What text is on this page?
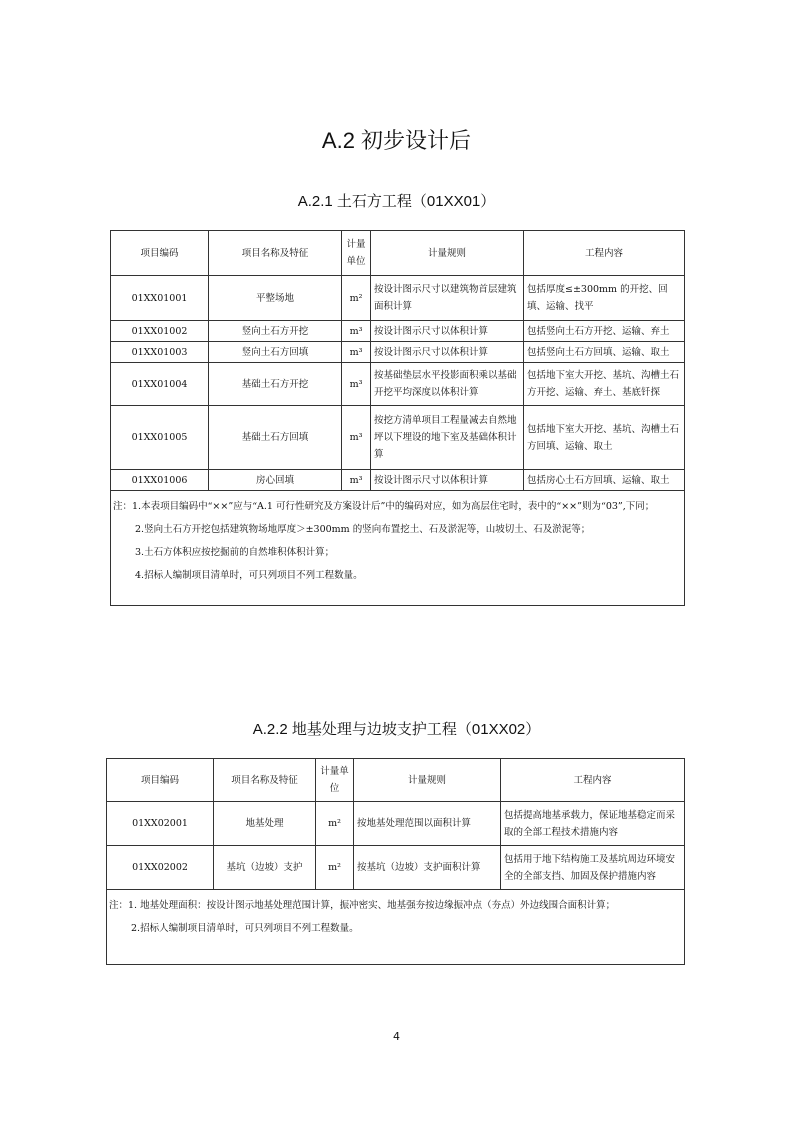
A.2 初步设计后
A.2.1 土石方工程（01XX01）
项目编码	项目名称及特征	计量单位	计量规则	工程内容
01XX01001	平整场地	m²	按设计图示尺寸以建筑物首层建筑面积计算	包括厚度≤±300mm 的开挖、回填、运输、找平
01XX01002	竖向土石方开挖	m³	按设计图示尺寸以体积计算	包括竖向土石方开挖、运输、弃土
01XX01003	竖向土石方回填	m³	按设计图示尺寸以体积计算	包括竖向土石方回填、运输、取土
01XX01004	基础土石方开挖	m³	按基础垫层水平投影面积乘以基础开挖平均深度以体积计算	包括地下室大开挖、基坑、沟槽土石方开挖、运输、弃土、基底钎探
01XX01005	基础土石方回填	m³	按挖方清单项目工程量减去自然地坪以下埋设的地下室及基础体积计算	包括地下室大开挖、基坑、沟槽土石方回填、运输、取土
01XX01006	房心回填	m³	按设计图示尺寸以体积计算	包括房心土石方回填、运输、取土

注：1.本表项目编码中“××”应与“A.1 可行性研究及方案设计后”中的编码对应，如为高层住宅时，表中的“××”则为“03”,下同；
2.竖向土石方开挖包括建筑物场地厚度＞±300mm 的竖向布置挖土、石及淤泥等，山坡切土、石及淤泥等；
3.土石方体积应按挖掘前的自然堆积体积计算；
4.招标人编制项目清单时，可只列项目不列工程数量。				
A.2.2 地基处理与边坡支护工程（01XX02）
项目编码	项目名称及特征	计量单位	计量规则	工程内容
01XX02001	地基处理	m²	按地基处理范围以面积计算	包括提高地基承载力，保证地基稳定而采取的全部工程技术措施内容
01XX02002	基坑（边坡）支护	m²	按基坑（边坡）支护面积计算	包括用于地下结构施工及基坑周边环境安全的全部支挡、加固及保护措施内容

注：1. 地基处理面积：按设计图示地基处理范围计算，振冲密实、地基强夯按边缘振冲点（夯点）外边线围合面积计算；
2.招标人编制项目清单时，可只列项目不列工程数量。				
4
